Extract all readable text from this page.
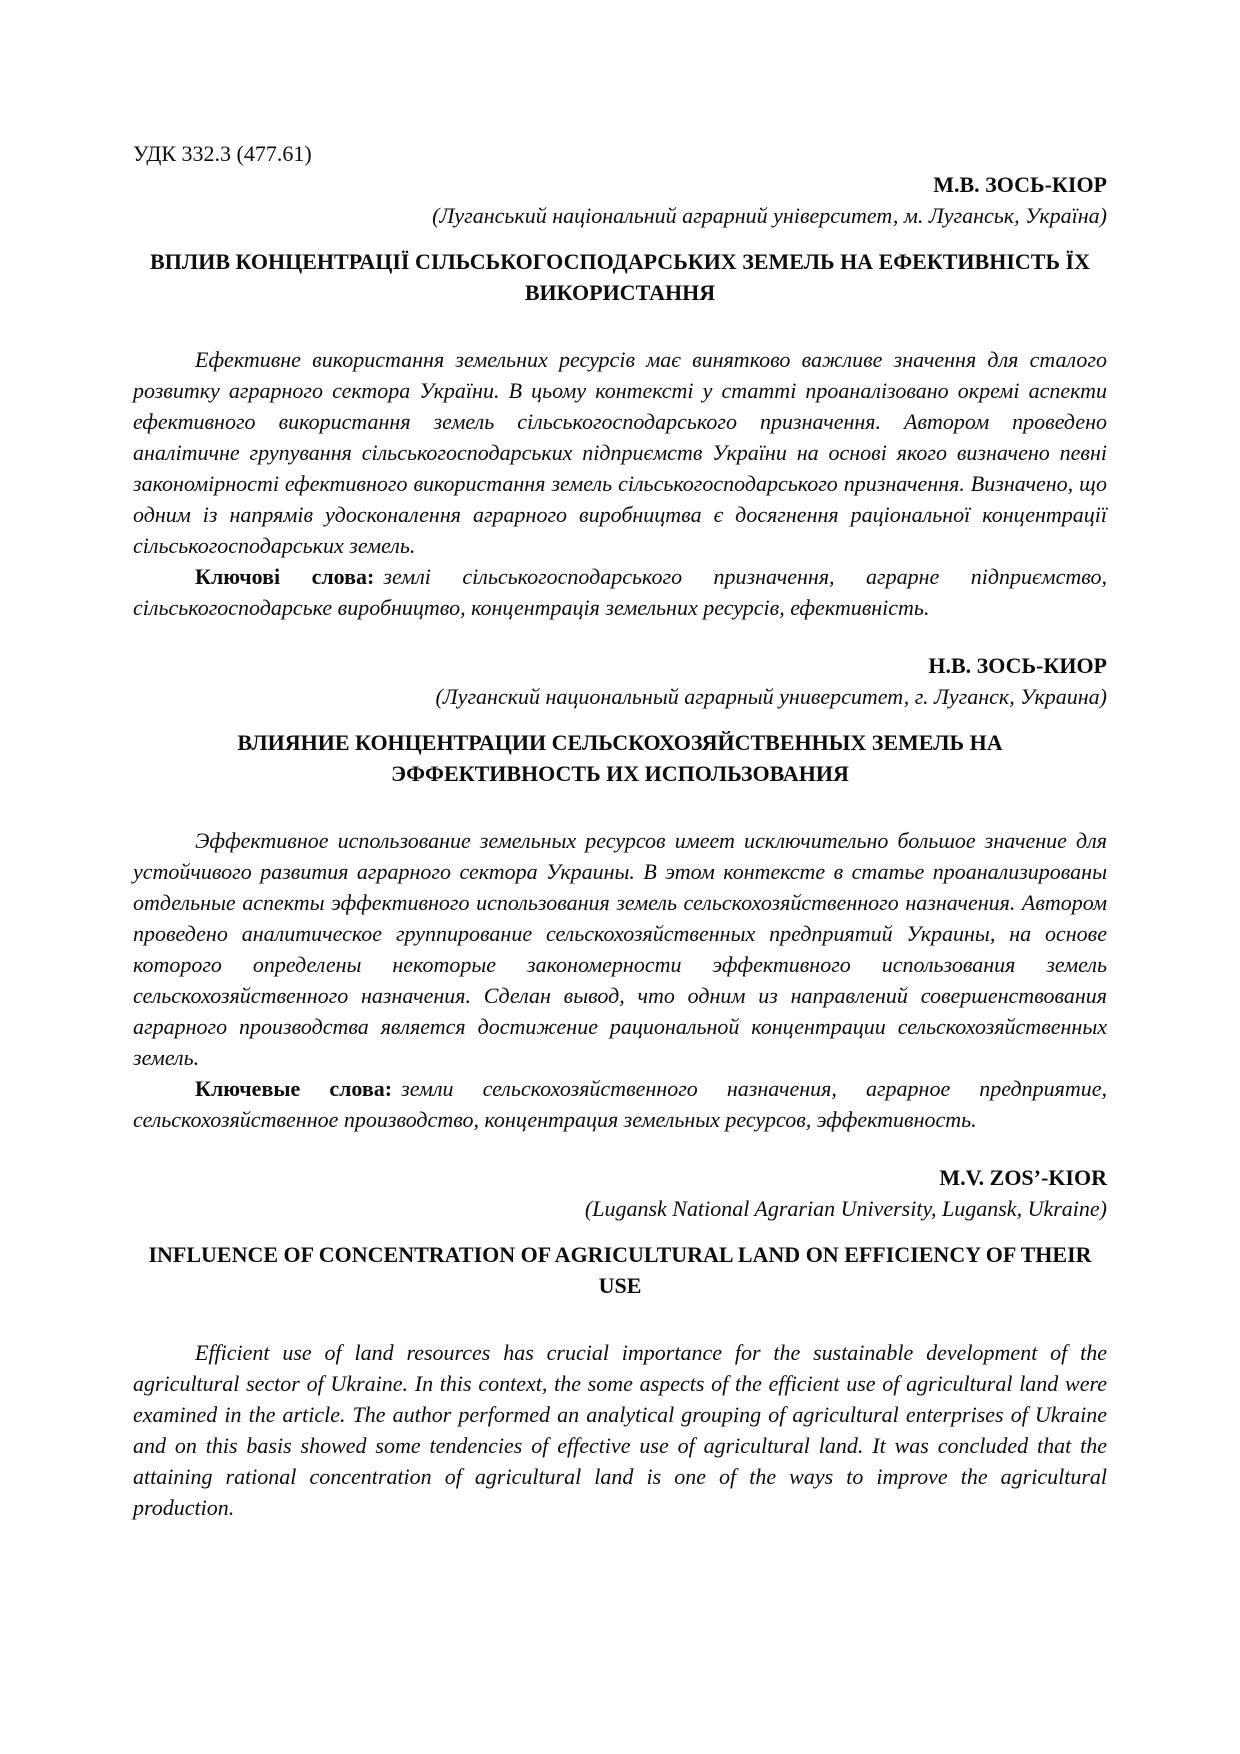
УДК 332.3 (477.61)

М.В. ЗОСЬ-КІОР

(Луганський національний аграрний університет, м. Луганськ, Україна)

ВПЛИВ КОНЦЕНТРАЦІЇ СІЛЬСЬКОГОСПОДАРСЬКИХ ЗЕМЕЛЬ НА ЕФЕКТИВНІСТЬ ЇХ ВИКОРИСТАННЯ

Ефективне використання земельних ресурсів має винятково важливе значення для сталого розвитку аграрного сектора України. В цьому контексті у статті проаналізовано окремі аспекти ефективного використання земель сільськогосподарського призначення. Автором проведено аналітичне групування сільськогосподарських підприємств України на основі якого визначено певні закономірності ефективного використання земель сільськогосподарського призначення. Визначено, що одним із напрямів удосконалення аграрного виробництва є досягнення раціональної концентрації сільськогосподарських земель.

Ключові слова: землі сільськогосподарського призначення, аграрне підприємство, сільськогосподарське виробництво, концентрація земельних ресурсів, ефективність.

Н.В. ЗОСЬ-КИОР

(Луганский национальный аграрный университет, г. Луганск, Украина)

ВЛИЯНИЕ КОНЦЕНТРАЦИИ СЕЛЬСКОХОЗЯЙСТВЕННЫХ ЗЕМЕЛЬ НА ЭФФЕКТИВНОСТЬ ИХ ИСПОЛЬЗОВАНИЯ

Эффективное использование земельных ресурсов имеет исключительно большое значение для устойчивого развития аграрного сектора Украины. В этом контексте в статье проанализированы отдельные аспекты эффективного использования земель сельскохозяйственного назначения. Автором проведено аналитическое группирование сельскохозяйственных предприятий Украины, на основе которого определены некоторые закономерности эффективного использования земель сельскохозяйственного назначения. Сделан вывод, что одним из направлений совершенствования аграрного производства является достижение рациональной концентрации сельскохозяйственных земель.

Ключевые слова: земли сельскохозяйственного назначения, аграрное предприятие, сельскохозяйственное производство, концентрация земельных ресурсов, эффективность.

M.V. ZOS’-KIOR

(Lugansk National Agrarian University, Lugansk, Ukraine)

INFLUENCE OF CONCENTRATION OF AGRICULTURAL LAND ON EFFICIENCY OF THEIR USE

Efficient use of land resources has crucial importance for the sustainable development of the agricultural sector of Ukraine. In this context, the some aspects of the efficient use of agricultural land were examined in the article. The author performed an analytical grouping of agricultural enterprises of Ukraine and on this basis showed some tendencies of effective use of agricultural land. It was concluded that the attaining rational concentration of agricultural land is one of the ways to improve the agricultural production.
